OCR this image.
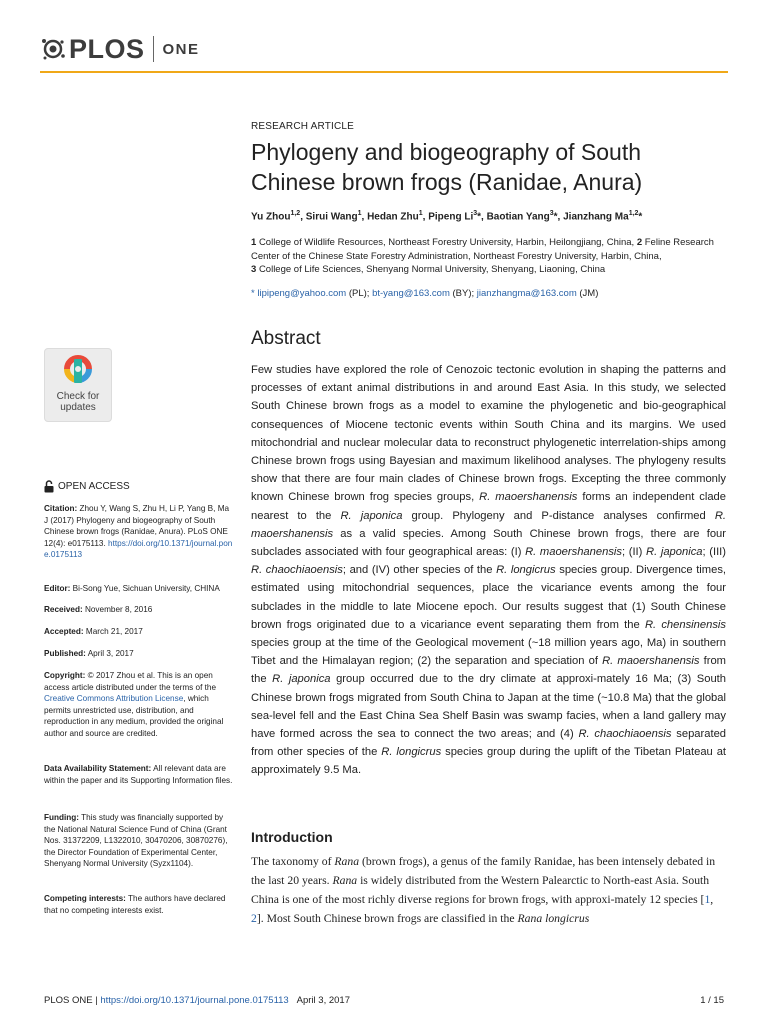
PLOS ONE
RESEARCH ARTICLE
Phylogeny and biogeography of South
Chinese brown frogs (Ranidae, Anura)
Yu Zhou$^{1,2}$, Sirui Wang$^1$, Hedan Zhu$^1$, Pipeng Li$^3$*, Baotian Yang$^3$*, Jianzhang Ma$^{1,2}$*
1 College of Wildlife Resources, Northeast Forestry University, Harbin, Heilongjiang, China, 2 Feline Research Center of the Chinese State Forestry Administration, Northeast Forestry University, Harbin, China,
3 College of Life Sciences, Shenyang Normal University, Shenyang, Liaoning, China
* lipipeng@yahoo.com (PL); bt-yang@163.com (BY); jianzhangma@163.com (JM)
Abstract
Few studies have explored the role of Cenozoic tectonic evolution in shaping the patterns and processes of extant animal distributions in and around East Asia. In this study, we selected South Chinese brown frogs as a model to examine the phylogenetic and bio-geographical consequences of Miocene tectonic events within South China and its margins. We used mitochondrial and nuclear molecular data to reconstruct phylogenetic interrelation-ships among Chinese brown frogs using Bayesian and maximum likelihood analyses. The phylogeny results show that there are four main clades of Chinese brown frogs. Excepting the three commonly known Chinese brown frog species groups, R. maoershanensis forms an independent clade nearest to the R. japonica group. Phylogeny and P-distance analyses confirmed R. maoershanensis as a valid species. Among South Chinese brown frogs, there are four subclades associated with four geographical areas: (I) R. maoershanensis; (II) R. japonica; (III) R. chaochiaoensis; and (IV) other species of the R. longicrus species group. Divergence times, estimated using mitochondrial sequences, place the vicariance events among the four subclades in the middle to late Miocene epoch. Our results suggest that (1) South Chinese brown frogs originated due to a vicariance event separating them from the R. chensinensis species group at the time of the Geological movement (~18 million years ago, Ma) in southern Tibet and the Himalayan region; (2) the separation and speciation of R. maoershanensis from the R. japonica group occurred due to the dry climate at approxi-mately 16 Ma; (3) South Chinese brown frogs migrated from South China to Japan at the time (~10.8 Ma) that the global sea-level fell and the East China Sea Shelf Basin was swamp facies, when a land gallery may have formed across the sea to connect the two areas; and (4) R. chaochiaoensis separated from other species of the R. longicrus species group during the uplift of the Tibetan Plateau at approximately 9.5 Ma.
Introduction
The taxonomy of Rana (brown frogs), a genus of the family Ranidae, has been intensely debated in the last 20 years. Rana is widely distributed from the Western Palearctic to North-east Asia. South China is one of the most richly diverse regions for brown frogs, with approxi-mately 12 species [1, 2]. Most South Chinese brown frogs are classified in the Rana longicrus
Check for
updates
OPEN ACCESS

Citation: Zhou Y, Wang S, Zhu H, Li P, Yang B, Ma J (2017) Phylogeny and biogeography of South Chinese brown frogs (Ranidae, Anura). PLoS ONE 12(4): e0175113. https://doi.org/10.1371/journal.pone.0175113

Editor: Bi-Song Yue, Sichuan University, CHINA

Received: November 8, 2016

Accepted: March 21, 2017

Published: April 3, 2017

Copyright: © 2017 Zhou et al. This is an open access article distributed under the terms of the Creative Commons Attribution License, which permits unrestricted use, distribution, and reproduction in any medium, provided the original author and source are credited.

Data Availability Statement: All relevant data are within the paper and its Supporting Information files.

Funding: This study was financially supported by the National Natural Science Fund of China (Grant Nos. 31372209, L1322010, 30470206, 30870276), the Director Foundation of Experimental Center, Shenyang Normal University (Syzx1104).

Competing interests: The authors have declared that no competing interests exist.

PLOS ONE | https://doi.org/10.1371/journal.pone.0175113 April 3, 2017	1 / 15
